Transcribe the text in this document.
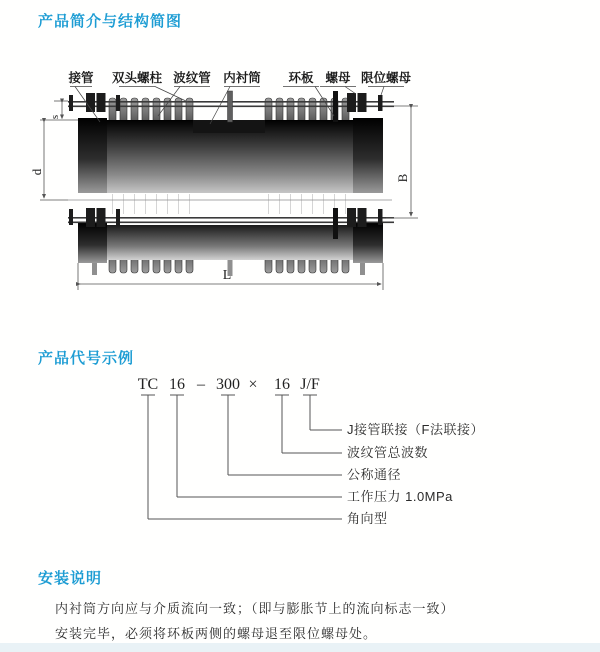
产品简介与结构简图
d
s
B
L
接管 双头螺柱 波纹管 内衬筒 环板 螺母 限位螺母
产品代号示例
TC 16 – 300 × 16 J/F
J接管联接（F法联接）
波纹管总波数
公称通径
工作压力 1.0MPa
角向型
安装说明

内衬筒方向应与介质流向一致；（即与膨胀节上的流向标志一致）

安装完毕，必须将环板两侧的螺母退至限位螺母处。
